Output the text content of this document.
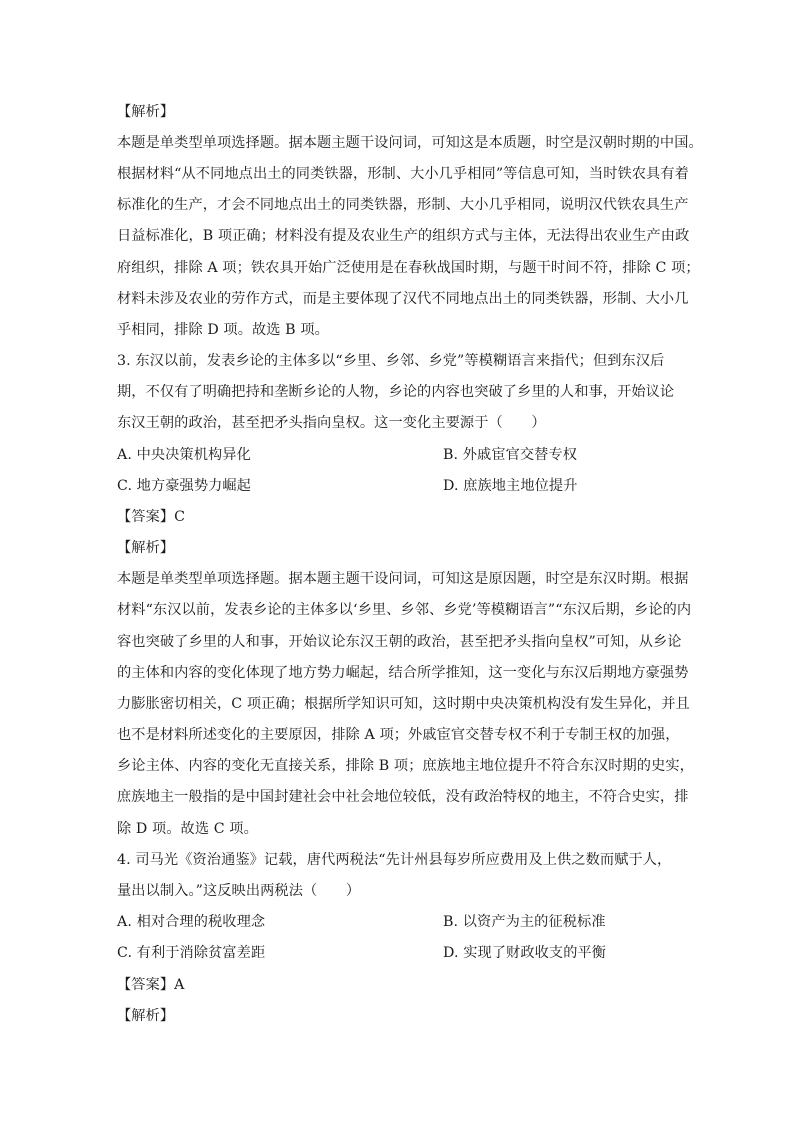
【解析】
本题是单类型单项选择题。据本题主题干设问词，可知这是本质题，时空是汉朝时期的中国。
根据材料“从不同地点出土的同类铁器，形制、大小几乎相同”等信息可知，当时铁农具有着
标准化的生产，才会不同地点出土的同类铁器，形制、大小几乎相同，说明汉代铁农具生产
日益标准化，B 项正确；材料没有提及农业生产的组织方式与主体，无法得出农业生产由政
府组织，排除 A 项；铁农具开始广泛使用是在春秋战国时期，与题干时间不符，排除 C 项；
材料未涉及农业的劳作方式，而是主要体现了汉代不同地点出土的同类铁器，形制、大小几
乎相同，排除 D 项。故选 B 项。
3. 东汉以前，发表乡论的主体多以“乡里、乡邻、乡党”等模糊语言来指代；但到东汉后
期，不仅有了明确把持和垄断乡论的人物，乡论的内容也突破了乡里的人和事，开始议论
东汉王朝的政治，甚至把矛头指向皇权。这一变化主要源于（　　）
A. 中央决策机构异化	B. 外戚宦官交替专权
C. 地方豪强势力崛起	D. 庶族地主地位提升
【答案】C
【解析】
本题是单类型单项选择题。据本题主题干设问词，可知这是原因题，时空是东汉时期。根据
材料“东汉以前，发表乡论的主体多以‘乡里、乡邻、乡党’等模糊语言”“东汉后期，乡论的内
容也突破了乡里的人和事，开始议论东汉王朝的政治，甚至把矛头指向皇权”可知，从乡论
的主体和内容的变化体现了地方势力崛起，结合所学推知，这一变化与东汉后期地方豪强势
力膨胀密切相关，C 项正确；根据所学知识可知，这时期中央决策机构没有发生异化，并且
也不是材料所述变化的主要原因，排除 A 项；外戚宦官交替专权不利于专制王权的加强，
乡论主体、内容的变化无直接关系，排除 B 项；庶族地主地位提升不符合东汉时期的史实，
庶族地主一般指的是中国封建社会中社会地位较低，没有政治特权的地主，不符合史实，排
除 D 项。故选 C 项。
4. 司马光《资治通鉴》记载，唐代两税法“先计州县每岁所应费用及上供之数而赋于人，
量出以制入。”这反映出两税法（　　）
A. 相对合理的税收理念	B. 以资产为主的征税标准
C. 有利于消除贫富差距	D. 实现了财政收支的平衡
【答案】A
【解析】
